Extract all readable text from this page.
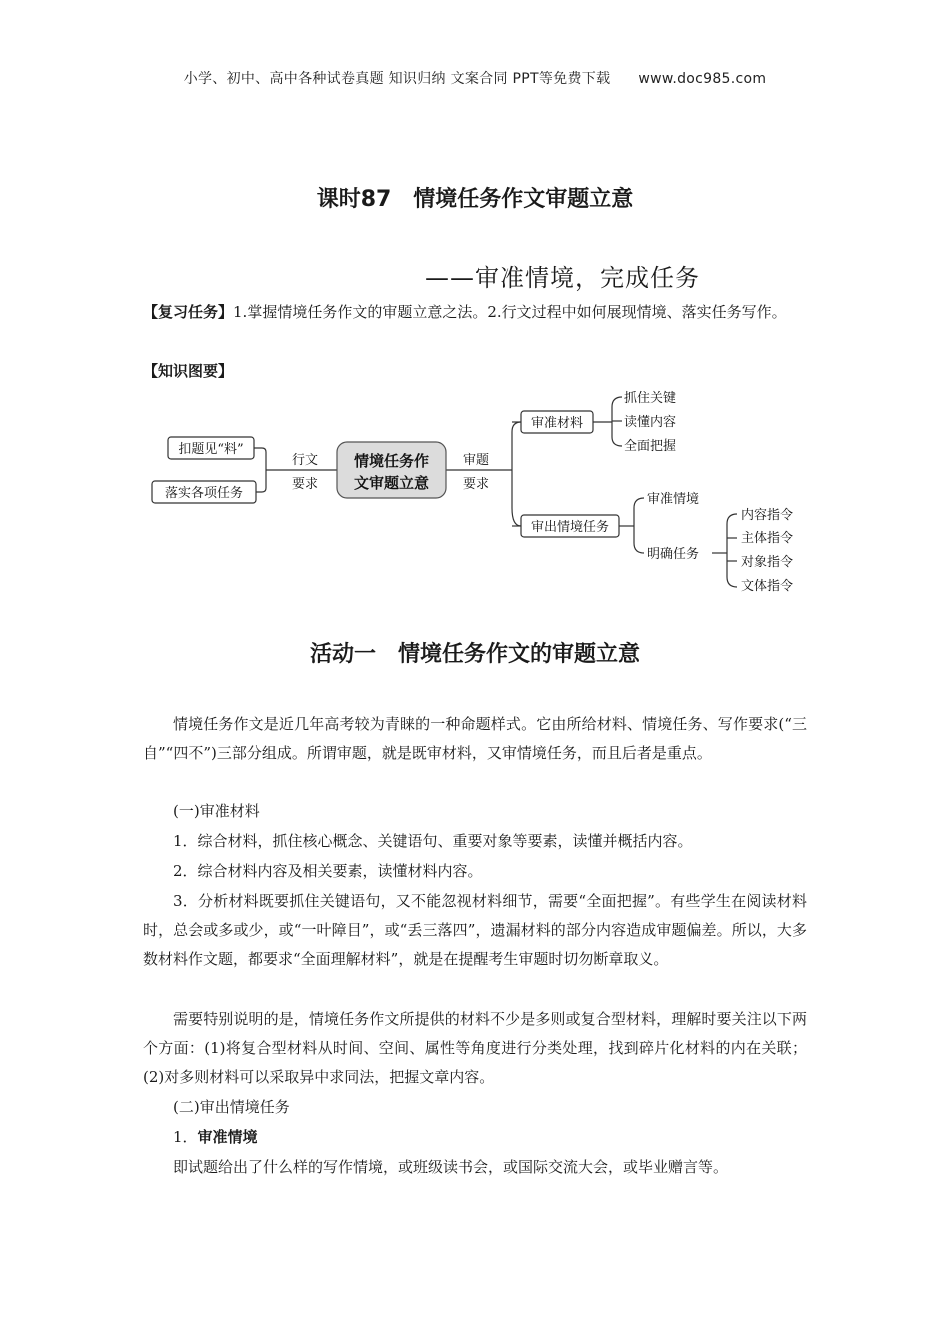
小学、初中、高中各种试卷真题 知识归纳 文案合同 PPT等免费下载 www.doc985.com
课时87　情境任务作文审题立意
——审准情境，完成任务
【复习任务】1.掌握情境任务作文的审题立意之法。2.行文过程中如何展现情境、落实任务写作。
【知识图要】
情境任务作
文审题立意
扣题见“料”
落实各项任务
行文
要求
审题
要求
审准材料
抓住关键
读懂内容
全面把握
审出情境任务
审准情境
明确任务
内容指令
主体指令
对象指令
文体指令
活动一　情境任务作文的审题立意
情境任务作文是近几年高考较为青睐的一种命题样式。它由所给材料、情境任务、写作要求(“三自”“四不”)三部分组成。所谓审题，就是既审材料，又审情境任务，而且后者是重点。
(一)审准材料
1．综合材料，抓住核心概念、关键语句、重要对象等要素，读懂并概括内容。
2．综合材料内容及相关要素，读懂材料内容。
3．分析材料既要抓住关键语句，又不能忽视材料细节，需要“全面把握”。有些学生在阅读材料时，总会或多或少，或“一叶障目”，或“丢三落四”，遗漏材料的部分内容造成审题偏差。所以，大多数材料作文题，都要求“全面理解材料”，就是在提醒考生审题时切勿断章取义。
需要特别说明的是，情境任务作文所提供的材料不少是多则或复合型材料，理解时要关注以下两个方面：(1)将复合型材料从时间、空间、属性等角度进行分类处理，找到碎片化材料的内在关联；(2)对多则材料可以采取异中求同法，把握文章内容。
(二)审出情境任务
1．审准情境
即试题给出了什么样的写作情境，或班级读书会，或国际交流大会，或毕业赠言等。
